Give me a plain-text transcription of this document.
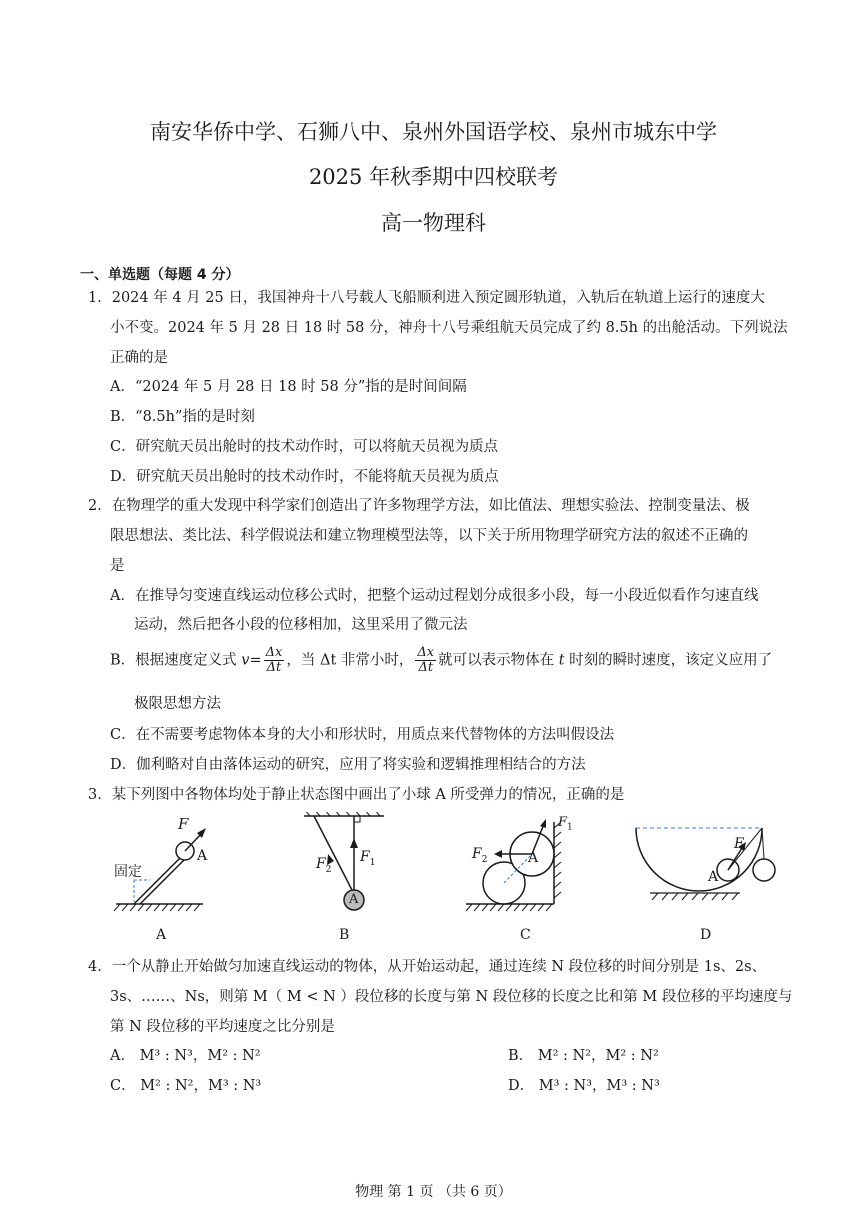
南安华侨中学、石狮八中、泉州外国语学校、泉州市城东中学
2025 年秋季期中四校联考
高一物理科
一、单选题（每题 4 分）
1．2024 年 4 月 25 日，我国神舟十八号载人飞船顺利进入预定圆形轨道，入轨后在轨道上运行的速度大
小不变。2024 年 5 月 28 日 18 时 58 分，神舟十八号乘组航天员完成了约 8.5h 的出舱活动。下列说法
正确的是
A．“2024 年 5 月 28 日 18 时 58 分”指的是时间间隔
B．“8.5h”指的是时刻
C．研究航天员出舱时的技术动作时，可以将航天员视为质点
D．研究航天员出舱时的技术动作时，不能将航天员视为质点
2．在物理学的重大发现中科学家们创造出了许多物理学方法，如比值法、理想实验法、控制变量法、极
限思想法、类比法、科学假说法和建立物理模型法等，以下关于所用物理学研究方法的叙述不正确的
是
A．在推导匀变速直线运动位移公式时，把整个运动过程划分成很多小段，每一小段近似看作匀速直线
运动，然后把各小段的位移相加，这里采用了微元法
B．根据速度定义式 $v= \frac{\Delta x}{\Delta t}$ ，当 Δt 非常小时， $\frac{\Delta x}{\Delta t}$ 就可以表示物体在 t 时刻的瞬时速度，该定义应用了
极限思想方法
C．在不需要考虑物体本身的大小和形状时，用质点来代替物体的方法叫假设法
D．伽利略对自由落体运动的研究，应用了将实验和逻辑推理相结合的方法
3．某下列图中各物体均处于静止状态图中画出了小球 A 所受弹力的情况，正确的是
F
A
固定
A
$F_1$
$F_2$
A
B
$F_1$
$F_2$	A
C
F
A
D
4．一个从静止开始做匀加速直线运动的物体，从开始运动起，通过连续 N 段位移的时间分别是 1s、2s、
3s、……、Ns，则第 M（ M < N ）段位移的长度与第 N 段位移的长度之比和第 M 段位移的平均速度与
第 N 段位移的平均速度之比分别是
A． M³ : N³，M² : N²	B． M² : N²，M² : N²
C． M² : N²，M³ : N³	D． M³ : N³，M³ : N³
物理 第 1 页 （共 6 页）
